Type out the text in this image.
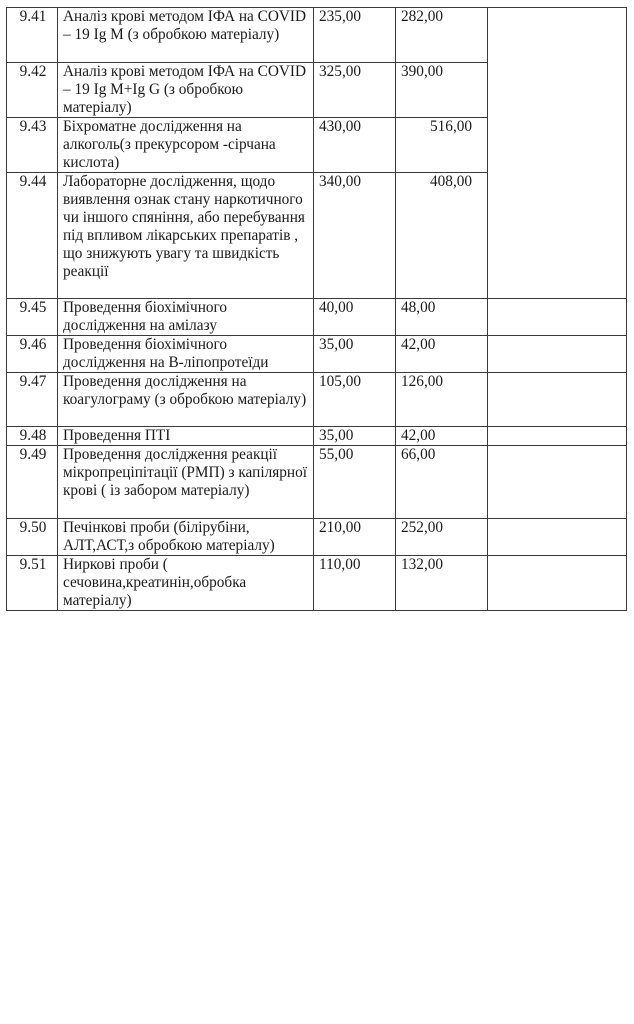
9.41	Аналіз крові методом ІФА на COVID – 19 Ig M (з обробкою матеріалу)	235,00	282,00	
9.42	Аналіз крові методом ІФА на COVID – 19 Ig M+Ig G (з обробкою матеріалу)	325,00	390,00	
9.43	Біхроматне дослідження на алкоголь(з прекурсором -сірчана кислота)	430,00	516,00	
9.44	Лабораторне дослідження, щодо виявлення ознак стану наркотичного чи іншого спяніння, або перебування під впливом лікарських препаратів , що знижують увагу та швидкість реакції	340,00	408,00	
9.45	Проведення біохімічного дослідження на амілазу	40,00	48,00	
9.46	Проведення біохімічного дослідження на В-ліпопротеїди	35,00	42,00	
9.47	Проведення дослідження на коагулограму (з обробкою матеріалу)	105,00	126,00	
9.48	Проведення ПТІ	35,00	42,00	
9.49	Проведення дослідження реакції мікропреціпітації (РМП) з капілярної крові ( із забором матеріалу)	55,00	66,00	
9.50	Печінкові проби (білірубіни, АЛТ,АСТ,з обробкою матеріалу)	210,00	252,00	
9.51	Ниркові проби ( сечовина,креатинін,обробка матеріалу)	110,00	132,00	
